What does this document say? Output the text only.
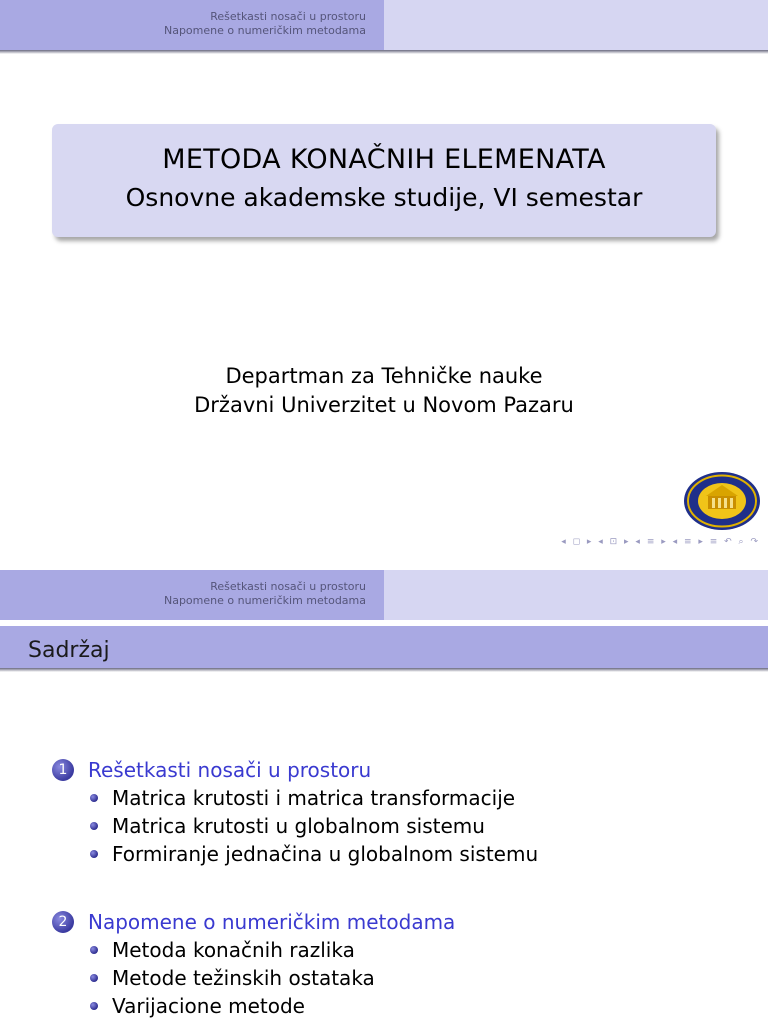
Rešetkasti nosači u prostoru
Napomene o numeričkim metodama
METODA KONAČNIH ELEMENATA
Osnovne akademske studije, VI semestar
Departman za Tehničke nauke
Državni Univerzitet u Novom Pazaru
◂ ◻ ▸ ◂ ⊡ ▸ ◂ ≡ ▸ ◂ ≡ ▸ ≡ ↶ ⌕ ↷
Rešetkasti nosači u prostoru
Napomene o numeričkim metodama
Sadržaj
1	Rešetkasti nosači u prostoru
Matrica krutosti i matrica transformacije
Matrica krutosti u globalnom sistemu
Formiranje jednačina u globalnom sistemu
2	Napomene o numeričkim metodama
Metoda konačnih razlika
Metode težinskih ostataka
Varijacione metode
